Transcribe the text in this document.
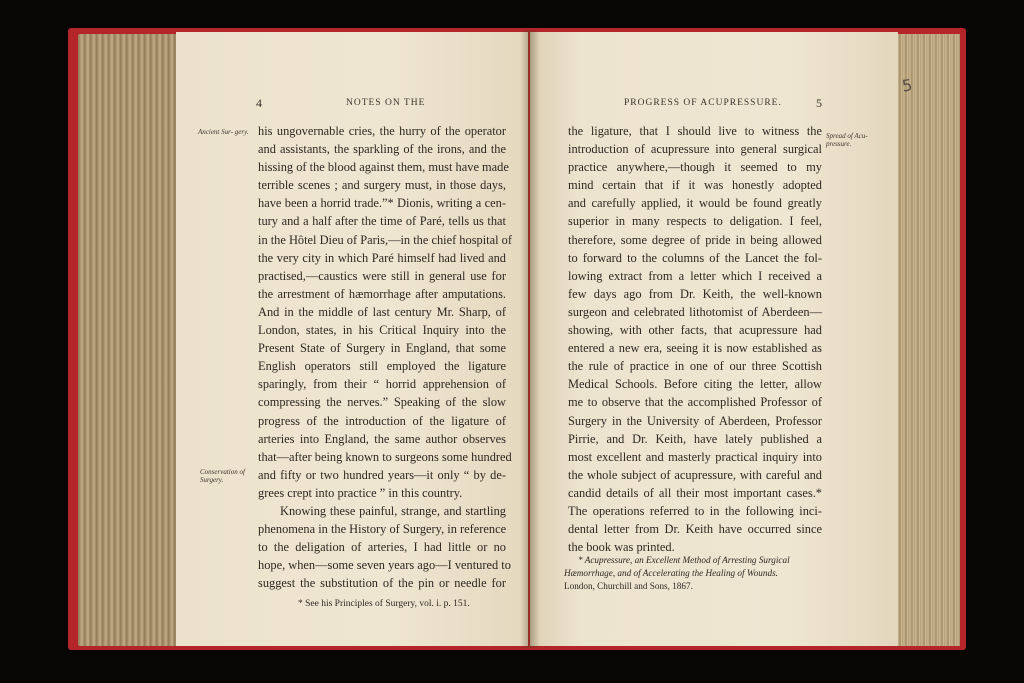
4	NOTES ON THE
Ancient Sur- gery.
Conservation of Surgery.
his ungovernable cries, the hurry of the operator
and assistants, the sparkling of the irons, and the
hissing of the blood against them, must have made
terrible scenes ; and surgery must, in those days,
have been a horrid trade.”* Dionis, writing a cen-
tury and a half after the time of Paré, tells us that
in the Hôtel Dieu of Paris,—in the chief hospital of
the very city in which Paré himself had lived and
practised,—caustics were still in general use for
the arrestment of hæmorrhage after amputations.
And in the middle of last century Mr. Sharp, of
London, states, in his Critical Inquiry into the
Present State of Surgery in England, that some
English operators still employed the ligature
sparingly, from their “ horrid apprehension of
compressing the nerves.” Speaking of the slow
progress of the introduction of the ligature of
arteries into England, the same author observes
that—after being known to surgeons some hundred
and fifty or two hundred years—it only “ by de-
grees crept into practice ” in this country.
Knowing these painful, strange, and startling
phenomena in the History of Surgery, in reference
to the deligation of arteries, I had little or no
hope, when—some seven years ago—I ventured to
suggest the substitution of the pin or needle for
* See his Principles of Surgery, vol. i. p. 151.
PROGRESS OF ACUPRESSURE.	5
5
Spread of Acu- pressure.
the ligature, that I should live to witness the
introduction of acupressure into general surgical
practice anywhere,—though it seemed to my
mind certain that if it was honestly adopted
and carefully applied, it would be found greatly
superior in many respects to deligation. I feel,
therefore, some degree of pride in being allowed
to forward to the columns of the Lancet the fol-
lowing extract from a letter which I received a
few days ago from Dr. Keith, the well-known
surgeon and celebrated lithotomist of Aberdeen—
showing, with other facts, that acupressure had
entered a new era, seeing it is now established as
the rule of practice in one of our three Scottish
Medical Schools. Before citing the letter, allow
me to observe that the accomplished Professor of
Surgery in the University of Aberdeen, Professor
Pirrie, and Dr. Keith, have lately published a
most excellent and masterly practical inquiry into
the whole subject of acupressure, with careful and
candid details of all their most important cases.*
The operations referred to in the following inci-
dental letter from Dr. Keith have occurred since
the book was printed.
* Acupressure, an Excellent Method of Arresting Surgical
Hæmorrhage, and of Accelerating the Healing of Wounds.
London, Churchill and Sons, 1867.
